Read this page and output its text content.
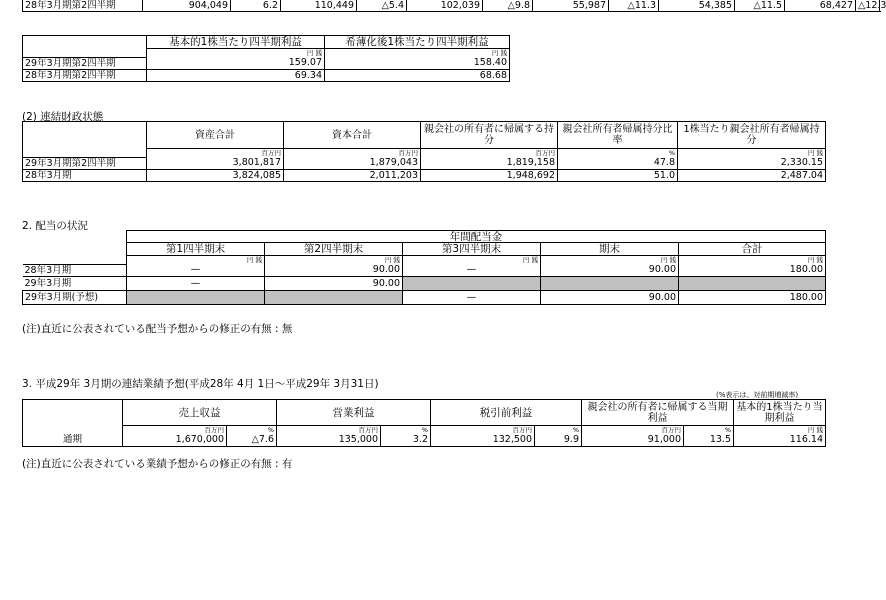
28年3月期第2四半期	904,049	6.2	110,449	△5.4	102,039	△9.8	55,987	△11.3	54,385	△11.5	68,427	△12.3
	基本的1株当たり四半期利益	希薄化後1株当たり四半期利益
	円 銭	円 銭
29年3月期第2四半期	159.07	158.40
28年3月期第2四半期	69.34	68.68
(2) 連結財政状態
	資産合計	資本合計	親会社の所有者に帰属する持分	親会社所有者帰属持分比率	1株当たり親会社所有者帰属持分
	百万円	百万円	百万円	%	円 銭
29年3月期第2四半期	3,801,817	1,879,043	1,819,158	47.8	2,330.15
28年3月期	3,824,085	2,011,203	1,948,692	51.0	2,487.04
2. 配当の状況
	年間配当金				
	第1四半期末	第2四半期末	第3四半期末	期末	合計
	円 銭	円 銭	円 銭	円 銭	円 銭
28年3月期	—	90.00	—	90.00	180.00
29年3月期	—	90.00			
29年3月期(予想)			—	90.00	180.00
(注)直近に公表されている配当予想からの修正の有無 : 無
3. 平成29年 3月期の連結業績予想(平成28年 4月 1日～平成29年 3月31日)
(%表示は、対前期増減率)
	売上収益		営業利益		税引前利益		親会社の所有者に帰属する当期利益		基本的1株当たり当期利益
	百万円	%	百万円	%	百万円	%	百万円	%	円 銭
通期	1,670,000	△7.6	135,000	3.2	132,500	9.9	91,000	13.5	116.14
(注)直近に公表されている業績予想からの修正の有無 : 有
